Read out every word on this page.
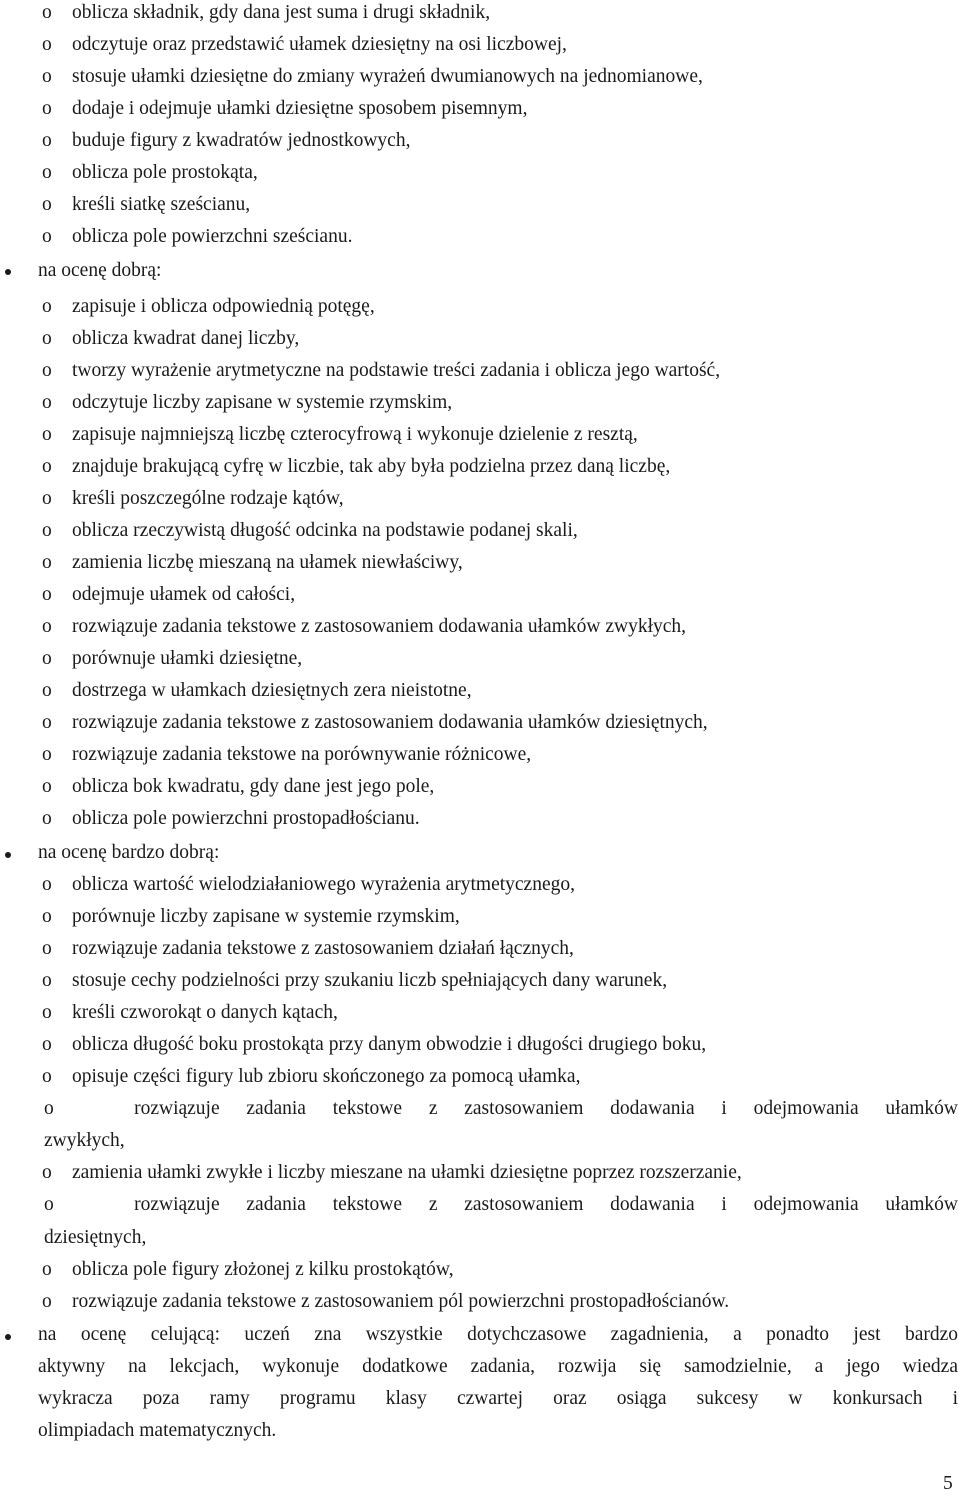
o oblicza składnik, gdy dana jest suma i drugi składnik,
o odczytuje oraz przedstawić ułamek dziesiętny na osi liczbowej,
o stosuje ułamki dziesiętne do zmiany wyrażeń dwumianowych na jednomianowe,
o dodaje i odejmuje ułamki dziesiętne sposobem pisemnym,
o buduje figury z kwadratów jednostkowych,
o oblicza pole prostokąta,
o kreśli siatkę sześcianu,
o oblicza pole powierzchni sześcianu.
na ocenę dobrą:
o zapisuje i oblicza odpowiednią potęgę,
o oblicza kwadrat danej liczby,
o tworzy wyrażenie arytmetyczne na podstawie treści zadania i oblicza jego wartość,
o odczytuje liczby zapisane w systemie rzymskim,
o zapisuje najmniejszą liczbę czterocyfrową i wykonuje dzielenie z resztą,
o znajduje brakującą cyfrę w liczbie, tak aby była podzielna przez daną liczbę,
o kreśli poszczególne rodzaje kątów,
o oblicza rzeczywistą długość odcinka na podstawie podanej skali,
o zamienia liczbę mieszaną na ułamek niewłaściwy,
o odejmuje ułamek od całości,
o rozwiązuje zadania tekstowe z zastosowaniem dodawania ułamków zwykłych,
o porównuje ułamki dziesiętne,
o dostrzega w ułamkach dziesiętnych zera nieistotne,
o rozwiązuje zadania tekstowe z zastosowaniem dodawania ułamków dziesiętnych,
o rozwiązuje zadania tekstowe na porównywanie różnicowe,
o oblicza bok kwadratu, gdy dane jest jego pole,
o oblicza pole powierzchni prostopadłościanu.
na ocenę bardzo dobrą:
o oblicza wartość wielodziałaniowego wyrażenia arytmetycznego,
o porównuje liczby zapisane w systemie rzymskim,
o rozwiązuje zadania tekstowe z zastosowaniem działań łącznych,
o stosuje cechy podzielności przy szukaniu liczb spełniających dany warunek,
o kreśli czworokąt o danych kątach,
o oblicza długość boku prostokąta przy danym obwodzie i długości drugiego boku,
o opisuje części figury lub zbioru skończonego za pomocą ułamka,
o	rozwiązuje zadania tekstowe z zastosowaniem dodawania i odejmowania ułamków
zwykłych,
o zamienia ułamki zwykłe i liczby mieszane na ułamki dziesiętne poprzez rozszerzanie,
o	rozwiązuje zadania tekstowe z zastosowaniem dodawania i odejmowania ułamków
dziesiętnych,
o oblicza pole figury złożonej z kilku prostokątów,
o rozwiązuje zadania tekstowe z zastosowaniem pól powierzchni prostopadłościanów.
na ocenę celującą: uczeń zna wszystkie dotychczasowe zagadnienia, a ponadto jest bardzo
aktywny na lekcjach, wykonuje dodatkowe zadania, rozwija się samodzielnie, a jego wiedza
wykracza poza ramy programu klasy czwartej oraz osiąga sukcesy w konkursach i
olimpiadach matematycznych.
5
